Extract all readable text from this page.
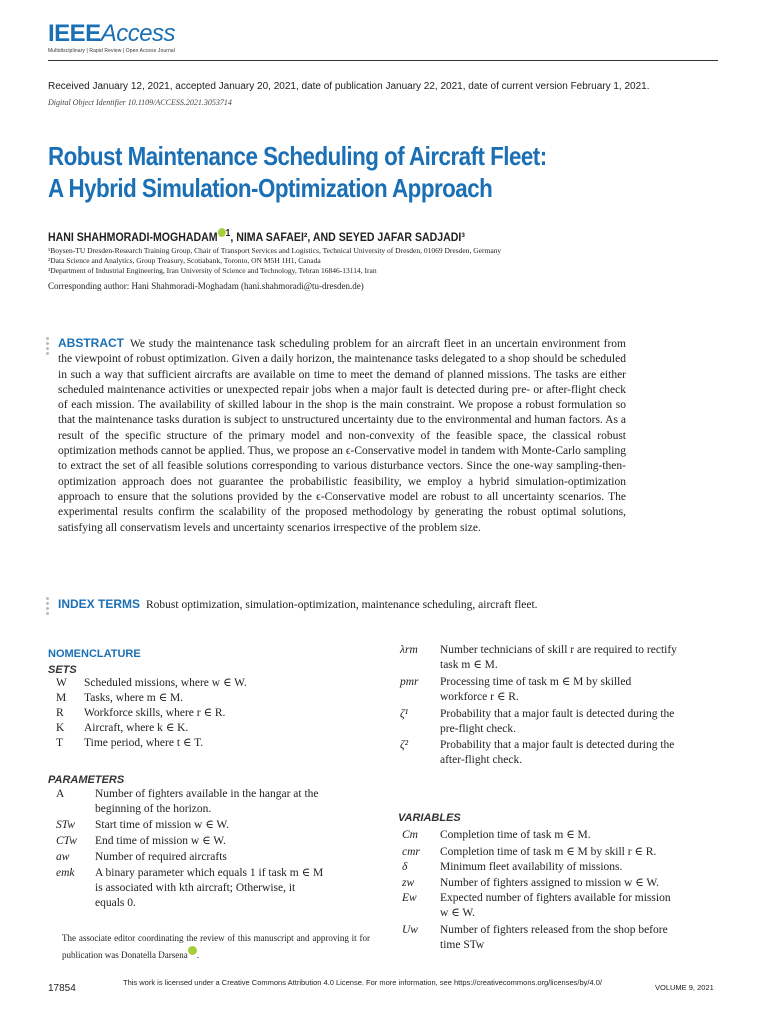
IEEEAccess
Multidisciplinary | Rapid Review | Open Access Journal
Received January 12, 2021, accepted January 20, 2021, date of publication January 22, 2021, date of current version February 1, 2021.
Digital Object Identifier 10.1109/ACCESS.2021.3053714
Robust Maintenance Scheduling of Aircraft Fleet:
A Hybrid Simulation-Optimization Approach
HANI SHAHMORADI-MOGHADAM $^1$, NIMA SAFAEI², AND SEYED JAFAR SADJADI³
¹Boysen-TU Dresden-Research Training Group, Chair of Transport Services and Logistics, Technical University of Dresden, 01069 Dresden, Germany
²Data Science and Analytics, Group Treasury, Scotiabank, Toronto, ON M5H 1H1, Canada
³Department of Industrial Engineering, Iran University of Science and Technology, Tehran 16846-13114, Iran
Corresponding author: Hani Shahmoradi-Moghadam (hani.shahmoradi@tu-dresden.de)
ABSTRACT We study the maintenance task scheduling problem for an aircraft fleet in an uncertain environment from the viewpoint of robust optimization. Given a daily horizon, the maintenance tasks delegated to a shop should be scheduled in such a way that sufficient aircrafts are available on time to meet the demand of planned missions. The tasks are either scheduled maintenance activities or unexpected repair jobs when a major fault is detected during pre- or after-flight check of each mission. The availability of skilled labour in the shop is the main constraint. We propose a robust formulation so that the maintenance tasks duration is subject to unstructured uncertainty due to the environmental and human factors. As a result of the specific structure of the primary model and non-convexity of the feasible space, the classical robust optimization methods cannot be applied. Thus, we propose an ϵ-Conservative model in tandem with Monte-Carlo sampling to extract the set of all feasible solutions corresponding to various disturbance vectors. Since the one-way sampling-then-optimization approach does not guarantee the probabilistic feasibility, we employ a hybrid simulation-optimization approach to ensure that the solutions provided by the ϵ-Conservative model are robust to all uncertainty scenarios. The experimental results confirm the scalability of the proposed methodology by generating the robust optimal solutions, satisfying all conservatism levels and uncertainty scenarios irrespective of the problem size.
INDEX TERMS Robust optimization, simulation-optimization, maintenance scheduling, aircraft fleet.
NOMENCLATURE
SETS
W Scheduled missions, where w ∈ W.
M Tasks, where m ∈ M.
R Workforce skills, where r ∈ R.
K Aircraft, where k ∈ K.
T Time period, where t ∈ T.
PARAMETERS
A	Number of fighters available in the hangar at the
beginning of the horizon.
STw Start time of mission w ∈ W.
CTw End time of mission w ∈ W.
aw Number of required aircrafts
emk A binary parameter which equals 1 if task m ∈ M
is associated with kth aircraft; Otherwise, it
equals 0.
λrm Number technicians of skill r are required to rectify
task m ∈ M.
pmr Processing time of task m ∈ M by skilled
workforce r ∈ R.
ζ¹	Probability that a major fault is detected during the
pre-flight check.
ζ²	Probability that a major fault is detected during the
after-flight check.
VARIABLES
Cm Completion time of task m ∈ M.
cmr Completion time of task m ∈ M by skill r ∈ R.
δ	Minimum fleet availability of missions.
zw Number of fighters assigned to mission w ∈ W.
Ew Expected number of fighters available for mission
w ∈ W.
Uw Number of fighters released from the shop before
time STw
The associate editor coordinating the review of this manuscript and approving it for publication was Donatella Darsena .
17854
This work is licensed under a Creative Commons Attribution 4.0 License. For more information, see https://creativecommons.org/licenses/by/4.0/
VOLUME 9, 2021
